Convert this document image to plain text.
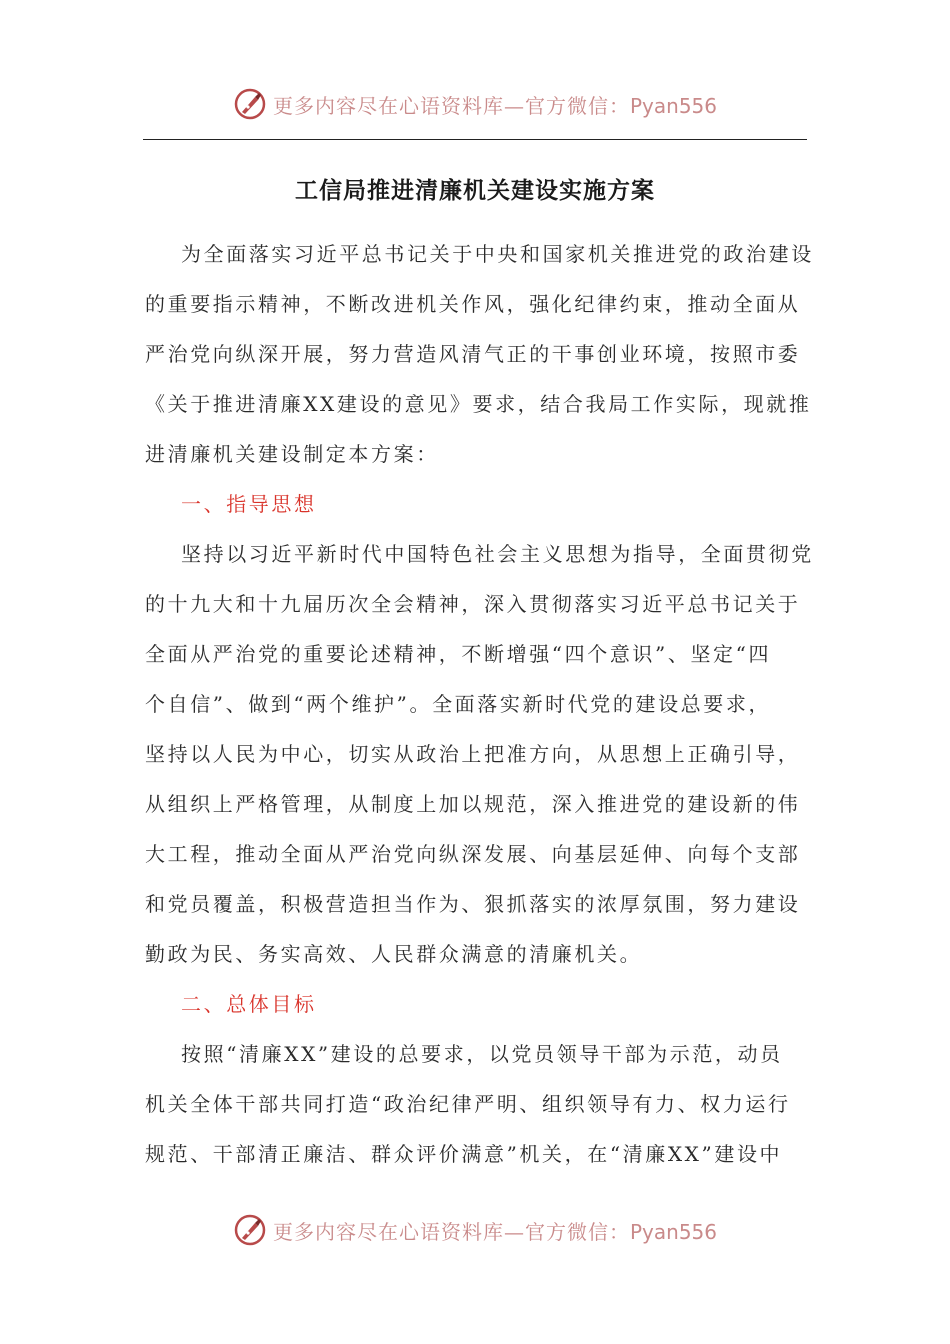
更多内容尽在心语资料库—官方微信：Pyan556
工信局推进清廉机关建设实施方案
为全面落实习近平总书记关于中央和国家机关推进党的政治建设
的重要指示精神，不断改进机关作风，强化纪律约束，推动全面从
严治党向纵深开展，努力营造风清气正的干事创业环境，按照市委
《关于推进清廉XX建设的意见》要求，结合我局工作实际，现就推
进清廉机关建设制定本方案：
一、指导思想
坚持以习近平新时代中国特色社会主义思想为指导，全面贯彻党
的十九大和十九届历次全会精神，深入贯彻落实习近平总书记关于
全面从严治党的重要论述精神，不断增强“四个意识”、坚定“四
个自信”、做到“两个维护”。全面落实新时代党的建设总要求，
坚持以人民为中心，切实从政治上把准方向，从思想上正确引导，
从组织上严格管理，从制度上加以规范，深入推进党的建设新的伟
大工程，推动全面从严治党向纵深发展、向基层延伸、向每个支部
和党员覆盖，积极营造担当作为、狠抓落实的浓厚氛围，努力建设
勤政为民、务实高效、人民群众满意的清廉机关。
二、总体目标
按照“清廉XX”建设的总要求，以党员领导干部为示范，动员
机关全体干部共同打造“政治纪律严明、组织领导有力、权力运行
规范、干部清正廉洁、群众评价满意”机关，在“清廉XX”建设中
更多内容尽在心语资料库—官方微信：Pyan556
